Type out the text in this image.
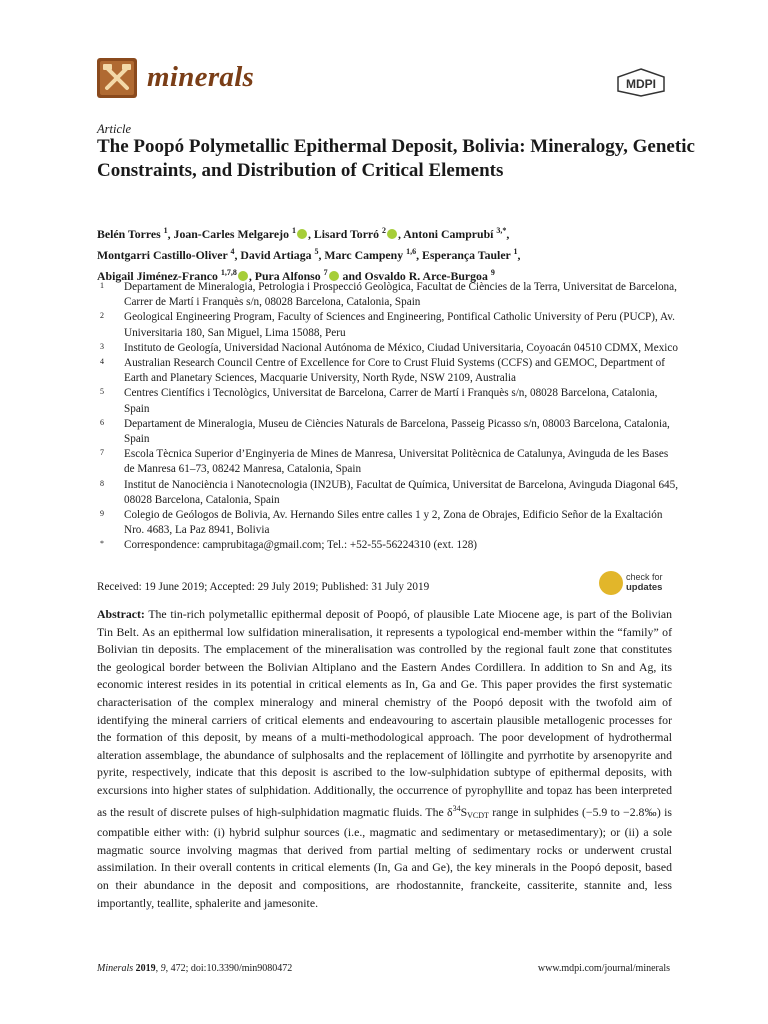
minerals	MDPI
Article
The Poopó Polymetallic Epithermal Deposit, Bolivia: Mineralogy, Genetic Constraints, and Distribution of Critical Elements
Belén Torres $^1$, Joan-Carles Melgarejo $^1$ , Lisard Torró $^2$ , Antoni Camprubí $^{3,*}$,
Montgarri Castillo-Oliver $^4$, David Artiaga $^5$, Marc Campeny $^{1,6}$, Esperança Tauler $^1$,
Abigail Jiménez-Franco $^{1,7,8}$ , Pura Alfonso $^7$ and Osvaldo R. Arce-Burgoa $^9$
1	Departament de Mineralogia, Petrologia i Prospecció Geològica, Facultat de Ciències de la Terra, Universitat de Barcelona, Carrer de Martí i Franquès s/n, 08028 Barcelona, Catalonia, Spain
2	Geological Engineering Program, Faculty of Sciences and Engineering, Pontifical Catholic University of Peru (PUCP), Av. Universitaria 180, San Miguel, Lima 15088, Peru
3	Instituto de Geología, Universidad Nacional Autónoma de México, Ciudad Universitaria, Coyoacán 04510 CDMX, Mexico
4	Australian Research Council Centre of Excellence for Core to Crust Fluid Systems (CCFS) and GEMOC, Department of Earth and Planetary Sciences, Macquarie University, North Ryde, NSW 2109, Australia
5	Centres Científics i Tecnològics, Universitat de Barcelona, Carrer de Martí i Franquès s/n, 08028 Barcelona, Catalonia, Spain
6	Departament de Mineralogia, Museu de Ciències Naturals de Barcelona, Passeig Picasso s/n, 08003 Barcelona, Catalonia, Spain
7	Escola Tècnica Superior d’Enginyeria de Mines de Manresa, Universitat Politècnica de Catalunya, Avinguda de les Bases de Manresa 61–73, 08242 Manresa, Catalonia, Spain
8	Institut de Nanociència i Nanotecnologia (IN2UB), Facultat de Química, Universitat de Barcelona, Avinguda Diagonal 645, 08028 Barcelona, Catalonia, Spain
9	Colegio de Geólogos de Bolivia, Av. Hernando Siles entre calles 1 y 2, Zona de Obrajes, Edificio Señor de la Exaltación Nro. 4683, La Paz 8941, Bolivia
*	Correspondence: camprubitaga@gmail.com; Tel.: +52-55-56224310 (ext. 128)
Received: 19 June 2019; Accepted: 29 July 2019; Published: 31 July 2019
check for
updates
Abstract: The tin-rich polymetallic epithermal deposit of Poopó, of plausible Late Miocene age, is part of the Bolivian Tin Belt. As an epithermal low sulfidation mineralisation, it represents a typological end-member within the “family” of Bolivian tin deposits. The emplacement of the mineralisation was controlled by the regional fault zone that constitutes the geological border between the Bolivian Altiplano and the Eastern Andes Cordillera. In addition to Sn and Ag, its economic interest resides in its potential in critical elements as In, Ga and Ge. This paper provides the first systematic characterisation of the complex mineralogy and mineral chemistry of the Poopó deposit with the twofold aim of identifying the mineral carriers of critical elements and endeavouring to ascertain plausible metallogenic processes for the formation of this deposit, by means of a multi-methodological approach. The poor development of hydrothermal alteration assemblage, the abundance of sulphosalts and the replacement of löllingite and pyrrhotite by arsenopyrite and pyrite, respectively, indicate that this deposit is ascribed to the low-sulphidation subtype of epithermal deposits, with excursions into higher states of sulphidation. Additionally, the occurrence of pyrophyllite and topaz has been interpreted as the result of discrete pulses of high-sulphidation magmatic fluids. The $\delta^{34}S_{VCDT}$ range in sulphides (−5.9 to −2.8‰) is compatible either with: (i) hybrid sulphur sources (i.e., magmatic and sedimentary or metasedimentary); or (ii) a sole magmatic source involving magmas that derived from partial melting of sedimentary rocks or underwent crustal assimilation. In their overall contents in critical elements (In, Ga and Ge), the key minerals in the Poopó deposit, based on their abundance in the deposit and compositions, are rhodostannite, franckeite, cassiterite, stannite and, less importantly, teallite, sphalerite and jamesonite.
Minerals 2019, 9, 472; doi:10.3390/min9080472	www.mdpi.com/journal/minerals
